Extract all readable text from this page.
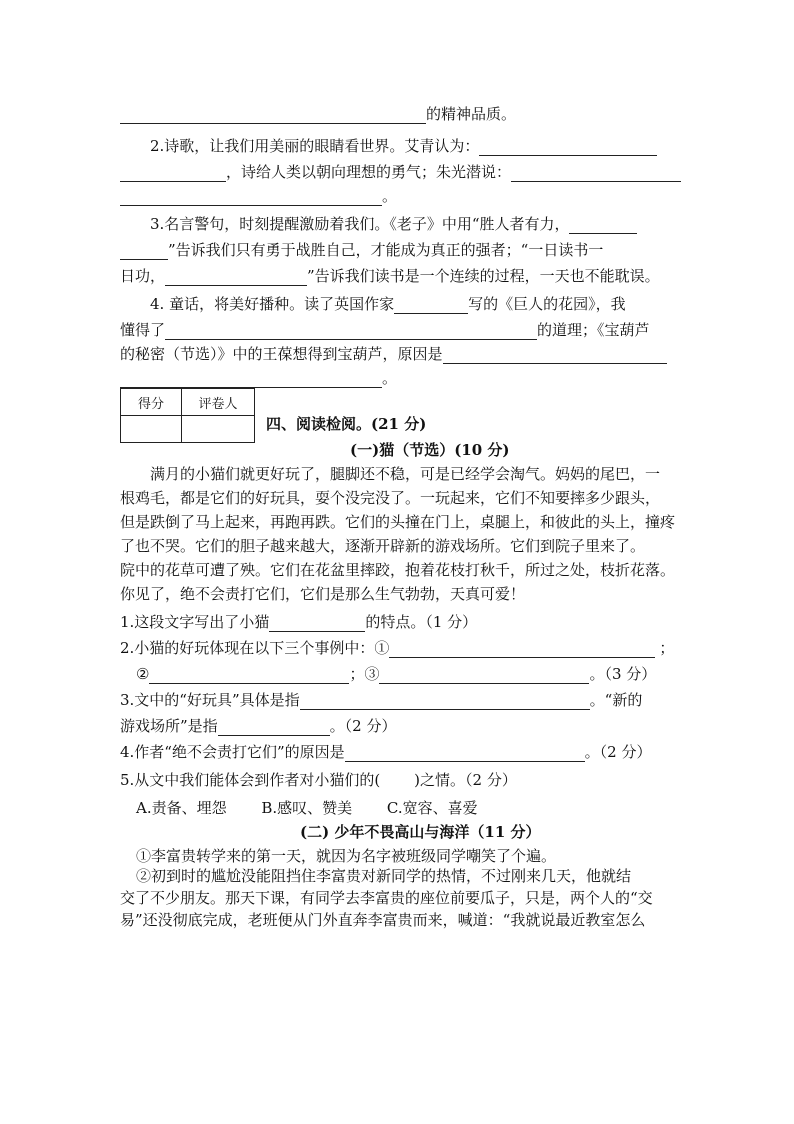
的精神品质。
2.诗歌，让我们用美丽的眼睛看世界。艾青认为：
，诗给人类以朝向理想的勇气；朱光潜说：
。
3.名言警句，时刻提醒激励着我们。《老子》中用“胜人者有力，
”告诉我们只有勇于战胜自己，才能成为真正的强者；“一日读书一
日功，	”告诉我们读书是一个连续的过程，一天也不能耽误。
4. 童话，将美好播种。读了英国作家	写的《巨人的花园》，我
懂得了	的道理；《宝葫芦
的秘密（节选）》中的王葆想得到宝葫芦，原因是
。
得分	评卷人

四、阅读检阅。(21 分)
(一)猫（节选）(10 分)
满月的小猫们就更好玩了，腿脚还不稳，可是已经学会淘气。妈妈的尾巴，一
根鸡毛，都是它们的好玩具，耍个没完没了。一玩起来，它们不知要摔多少跟头，
但是跌倒了马上起来，再跑再跌。它们的头撞在门上，桌腿上，和彼此的头上，撞疼
了也不哭。它们的胆子越来越大，逐渐开辟新的游戏场所。它们到院子里来了。
院中的花草可遭了殃。它们在花盆里摔跤，抱着花枝打秋千，所过之处，枝折花落。
你见了，绝不会责打它们，它们是那么生气勃勃，天真可爱！
1.这段文字写出了小猫	的特点。（1 分）
2.小猫的好玩体现在以下三个事例中：①	；
②	；③	。（3 分）
3.文中的“好玩具”具体是指	。“新的
游戏场所”是指	。（2 分）
4.作者“绝不会责打它们”的原因是	。（2 分）
5.从文中我们能体会到作者对小猫们的( )之情。（2 分）
A.责备、埋怨　　 B.感叹、赞美　　 C.宽容、喜爱
(二) 少年不畏高山与海洋（11 分）
①李富贵转学来的第一天，就因为名字被班级同学嘲笑了个遍。
②初到时的尴尬没能阻挡住李富贵对新同学的热情，不过刚来几天，他就结
交了不少朋友。那天下课，有同学去李富贵的座位前要瓜子，只是，两个人的“交
易”还没彻底完成，老班便从门外直奔李富贵而来，喊道：“我就说最近教室怎么
